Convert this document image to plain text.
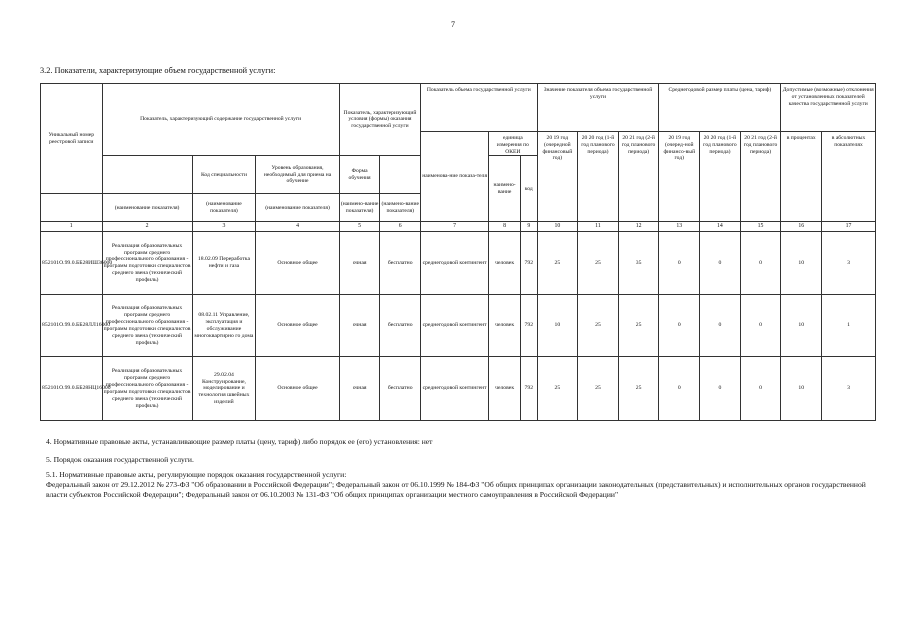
7
3.2. Показатели, характеризующие объем государственной услуги:
Уникальный номер реестровой записи	Показатель, характеризующий содержание государственной услуги			Показатель, характеризующий условия (формы) оказания государственной услуги		Показатель объема государственной услуги			Значение показателя объема государственной услуги			Среднегодовой размер платы (цена, тариф)			Допустимые (возможные) отклонения от установленных показателей качества государственной услуги	
						наименова-ние показа-теля	единица измерения по ОКЕИ		20 19 год (очередной финансовый год)	20 20 год (1-й год планового периода)	20 21 год (2-й год планового периода)	20 19 год (очеред-ной финансо-вый год)	20 20 год (1-й год планового периода)	20 21 год (2-й год планового периода)	в процентах	в абсолютных показателях
		Код специальности	Уровень образования, необходимый для приема на обучение	Форма обучения			наимено-вание	код								
	(наименование показателя)	(наименование показателя)	(наименование показателя)	(наимено-вание показателя)	(наимено-вание показателя)											
1	2	3	4	5	6	7	8	9	10	11	12	13	14	15	16	17
852101О.99.0.ББ28ИШ36000	Реализация образовательных программ среднего профессионального образования - программ подготовки специалистов среднего звена (технический профиль)	18.02.09 Переработка нефти и газа	Основное общее	очная	бесплатно	среднегодовой контингент	человек	792	25	25	35	0	0	0	10	3
852101О.99.0.ББ28ЛЛ16000	Реализация образовательных программ среднего профессионального образования - программ подготовки специалистов среднего звена (технический профиль)	08.02.11 Управление, эксплуатация и обслуживание многоквартирно го дома	Основное общее	очная	бесплатно	среднегодовой контингент	человек	792	10	25	25	0	0	0	10	1
852101О.99.0.ББ28НЦ16000	Реализация образовательных программ среднего профессионального образования - программ подготовки специалистов среднего звена (технический профиль)	29.02.04 Конструирование, моделирование и технология швейных изделий	Основное общее	очная	бесплатно	среднегодовой контингент	человек	792	25	25	25	0	0	0	10	3
4. Нормативные правовые акты, устанавливающие размер платы (цену, тариф) либо порядок ее (его) установления: нет
5. Порядок оказания государственной услуги.
5.1. Нормативные правовые акты, регулирующие порядок оказания государственной услуги:
Федеральный закон от 29.12.2012 № 273-ФЗ "Об образовании в Российской Федерации"; Федеральный закон от 06.10.1999 № 184-ФЗ "Об общих принципах организации законодательных (представительных) и исполнительных органов государственной власти субъектов Российской Федерации"; Федеральный закон от 06.10.2003 № 131-ФЗ "Об общих принципах организации местного самоуправления в Российской Федерации"
